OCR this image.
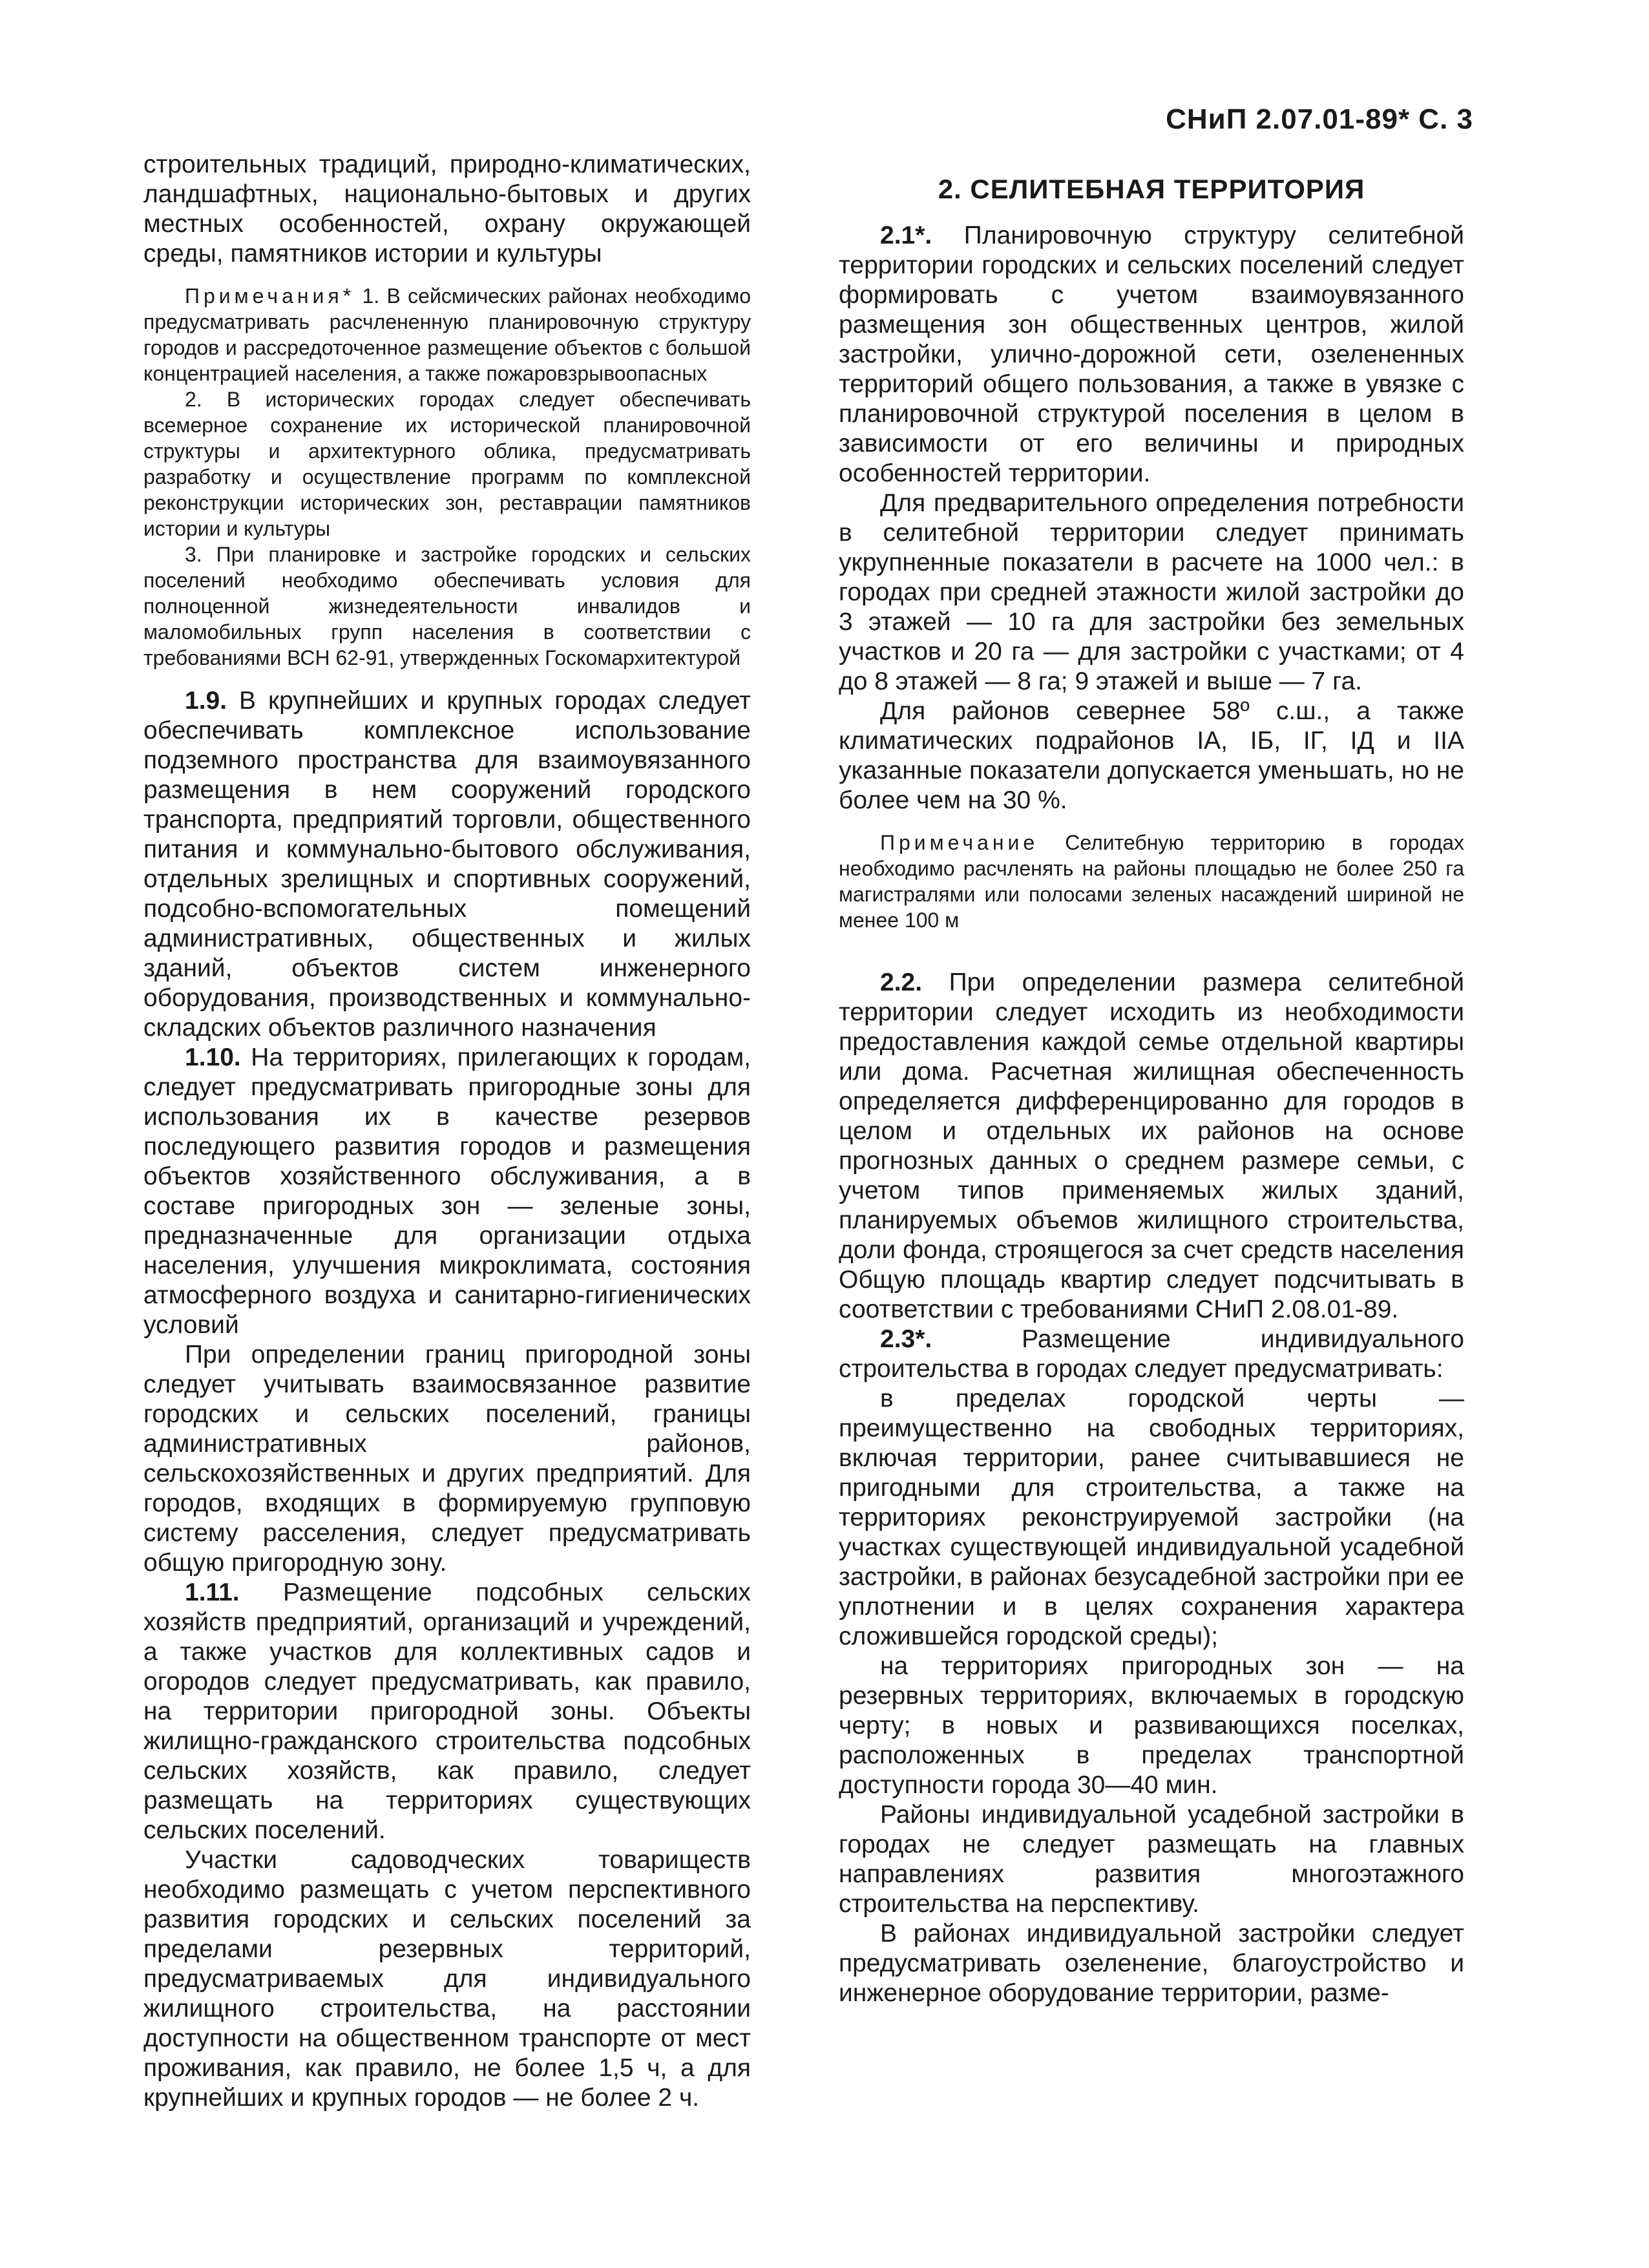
СНиП 2.07.01-89* С. 3

строительных традиций, природно-климатических, ландшафтных, национально-бытовых и других местных особенностей, охрану окружающей среды, памятников истории и культуры

Примечания* 1. В сейсмических районах необходимо предусматривать расчлененную планировочную структуру городов и рассредоточенное размещение объектов с большой концентрацией населения, а также пожаровзрывоопасных

2. В исторических городах следует обеспечивать всемерное сохранение их исторической планировочной структуры и архитектурного облика, предусматривать разработку и осуществление программ по комплексной реконструкции исторических зон, реставрации памятников истории и культуры

3. При планировке и застройке городских и сельских поселений необходимо обеспечивать условия для полноценной жизнедеятельности инвалидов и маломобильных групп населения в соответствии с требованиями ВСН 62-91, утвержденных Госкомархитектурой

1.9. В крупнейших и крупных городах следует обеспечивать комплексное использование подземного пространства для взаимоувязанного размещения в нем сооружений городского транспорта, предприятий торговли, общественного питания и коммунально-бытового обслуживания, отдельных зрелищных и спортивных сооружений, подсобно-вспомогательных помещений административных, общественных и жилых зданий, объектов систем инженерного оборудования, производственных и коммунально-складских объектов различного назначения

1.10. На территориях, прилегающих к городам, следует предусматривать пригородные зоны для использования их в качестве резервов последующего развития городов и размещения объектов хозяйственного обслуживания, а в составе пригородных зон — зеленые зоны, предназначенные для организации отдыха населения, улучшения микроклимата, состояния атмосферного воздуха и санитарно-гигиенических условий

При определении границ пригородной зоны следует учитывать взаимосвязанное развитие городских и сельских поселений, границы административных районов, сельскохозяйственных и других предприятий. Для городов, входящих в формируемую групповую систему расселения, следует предусматривать общую пригородную зону.

1.11. Размещение подсобных сельских хозяйств предприятий, организаций и учреждений, а также участков для коллективных садов и огородов следует предусматривать, как правило, на территории пригородной зоны. Объекты жилищно-гражданского строительства подсобных сельских хозяйств, как правило, следует размещать на территориях существующих сельских поселений.

Участки садоводческих товариществ необходимо размещать с учетом перспективного развития городских и сельских поселений за пределами резервных территорий, предусматриваемых для индивидуального жилищного строительства, на расстоянии доступности на общественном транспорте от мест проживания, как правило, не более 1,5 ч, а для крупнейших и крупных городов — не более 2 ч.

2. СЕЛИТЕБНАЯ ТЕРРИТОРИЯ

2.1*. Планировочную структуру селитебной территории городских и сельских поселений следует формировать с учетом взаимоувязанного размещения зон общественных центров, жилой застройки, улично-дорожной сети, озелененных территорий общего пользования, а также в увязке с планировочной структурой поселения в целом в зависимости от его величины и природных особенностей территории.

Для предварительного определения потребности в селитебной территории следует принимать укрупненные показатели в расчете на 1000 чел.: в городах при средней этажности жилой застройки до 3 этажей — 10 га для застройки без земельных участков и 20 га — для застройки с участками; от 4 до 8 этажей — 8 га; 9 этажей и выше — 7 га.

Для районов севернее 58º с.ш., а также климатических подрайонов IА, IБ, IГ, IД и IIА указанные показатели допускается уменьшать, но не более чем на 30 %.

Примечание Селитебную территорию в городах необходимо расчленять на районы площадью не более 250 га магистралями или полосами зеленых насаждений шириной не менее 100 м

2.2. При определении размера селитебной территории следует исходить из необходимости предоставления каждой семье отдельной квартиры или дома. Расчетная жилищная обеспеченность определяется дифференцированно для городов в целом и отдельных их районов на основе прогнозных данных о среднем размере семьи, с учетом типов применяемых жилых зданий, планируемых объемов жилищного строительства, доли фонда, строящегося за счет средств населения Общую площадь квартир следует подсчитывать в соответствии с требованиями СНиП 2.08.01-89.

2.3*.	Размещение индивидуального строительства в городах следует предусматривать:

в пределах городской черты — преимущественно на свободных территориях, включая территории, ранее считывавшиеся не пригодными для строительства, а также на территориях реконструируемой застройки (на участках существующей индивидуальной усадебной застройки, в районах безусадебной застройки при ее уплотнении и в целях сохранения характера сложившейся городской среды);

на территориях пригородных зон — на резервных территориях, включаемых в городскую черту; в новых и развивающихся поселках, расположенных в пределах транспортной доступности города 30—40 мин.

Районы индивидуальной усадебной застройки в городах не следует размещать на главных направлениях развития многоэтажного строительства на перспективу.

В районах индивидуальной застройки следует предусматривать озеленение, благоустройство и инженерное оборудование территории, разме-
